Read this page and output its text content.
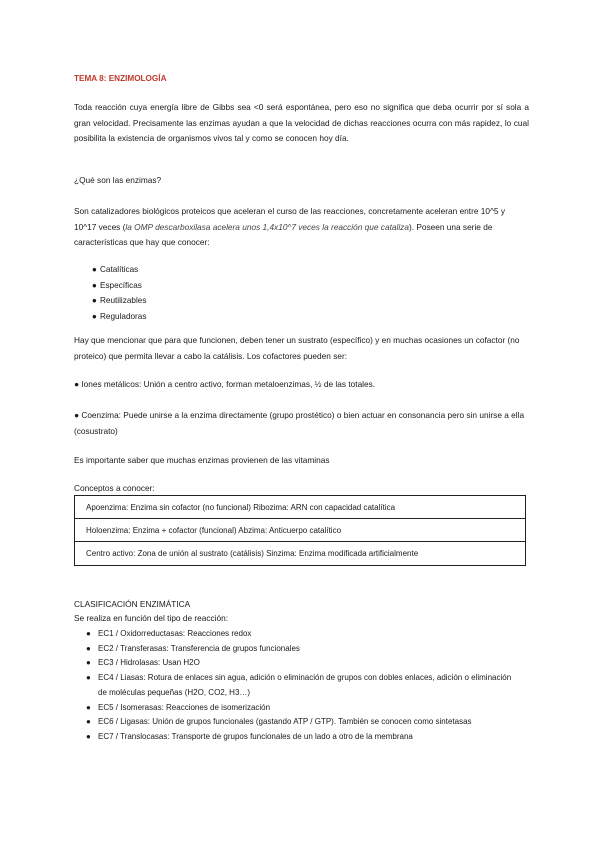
TEMA 8: ENZIMOLOGÍA
Toda reacción cuya energía libre de Gibbs sea <0 será espontánea, pero eso no significa que deba ocurrir por sí sola a gran velocidad. Precisamente las enzimas ayudan a que la velocidad de dichas reacciones ocurra con más rapidez, lo cual posibilita la existencia de organismos vivos tal y como se conocen hoy día.
¿Qué son las enzimas?
Son catalizadores biológicos proteicos que aceleran el curso de las reacciones, concretamente aceleran entre 10^5 y 10^17 veces (la OMP descarboxilasa acelera unos 1,4x10^7 veces la reacción que cataliza). Poseen una serie de características que hay que conocer:
● Catalíticas
● Específicas
● Reutilizables
● Reguladoras
Hay que mencionar que para que funcionen, deben tener un sustrato (específico) y en muchas ocasiones un cofactor (no proteico) que permita llevar a cabo la catálisis. Los cofactores pueden ser:
● Iones metálicos: Unión a centro activo, forman metaloenzimas, ½ de las totales.
● Coenzima: Puede unirse a la enzima directamente (grupo prostético) o bien actuar en consonancia pero sin unirse a ella (cosustrato)
Es importante saber que muchas enzimas provienen de las vitaminas
Conceptos a conocer:
Apoenzima: Enzima sin cofactor (no funcional) Ribozima: ARN con capacidad catalítica
Holoenzima: Enzima + cofactor (funcional) Abzima: Anticuerpo catalítico
Centro activo: Zona de unión al sustrato (catálisis) Sinzima: Enzima modificada artificialmente
CLASIFICACIÓN ENZIMÁTICA
Se realiza en función del tipo de reacción:
● EC1 / Oxidorreductasas: Reacciones redox
● EC2 / Transferasas: Transferencia de grupos funcionales
● EC3 / Hidrolasas: Usan H2O
● EC4 / Liasas: Rotura de enlaces sin agua, adición o eliminación de grupos con dobles enlaces, adición o eliminación de moléculas pequeñas (H2O, CO2, H3…)
● EC5 / Isomerasas: Reacciones de isomerización
● EC6 / Ligasas: Unión de grupos funcionales (gastando ATP / GTP). También se conocen como sintetasas
● EC7 / Translocasas: Transporte de grupos funcionales de un lado a otro de la membrana
